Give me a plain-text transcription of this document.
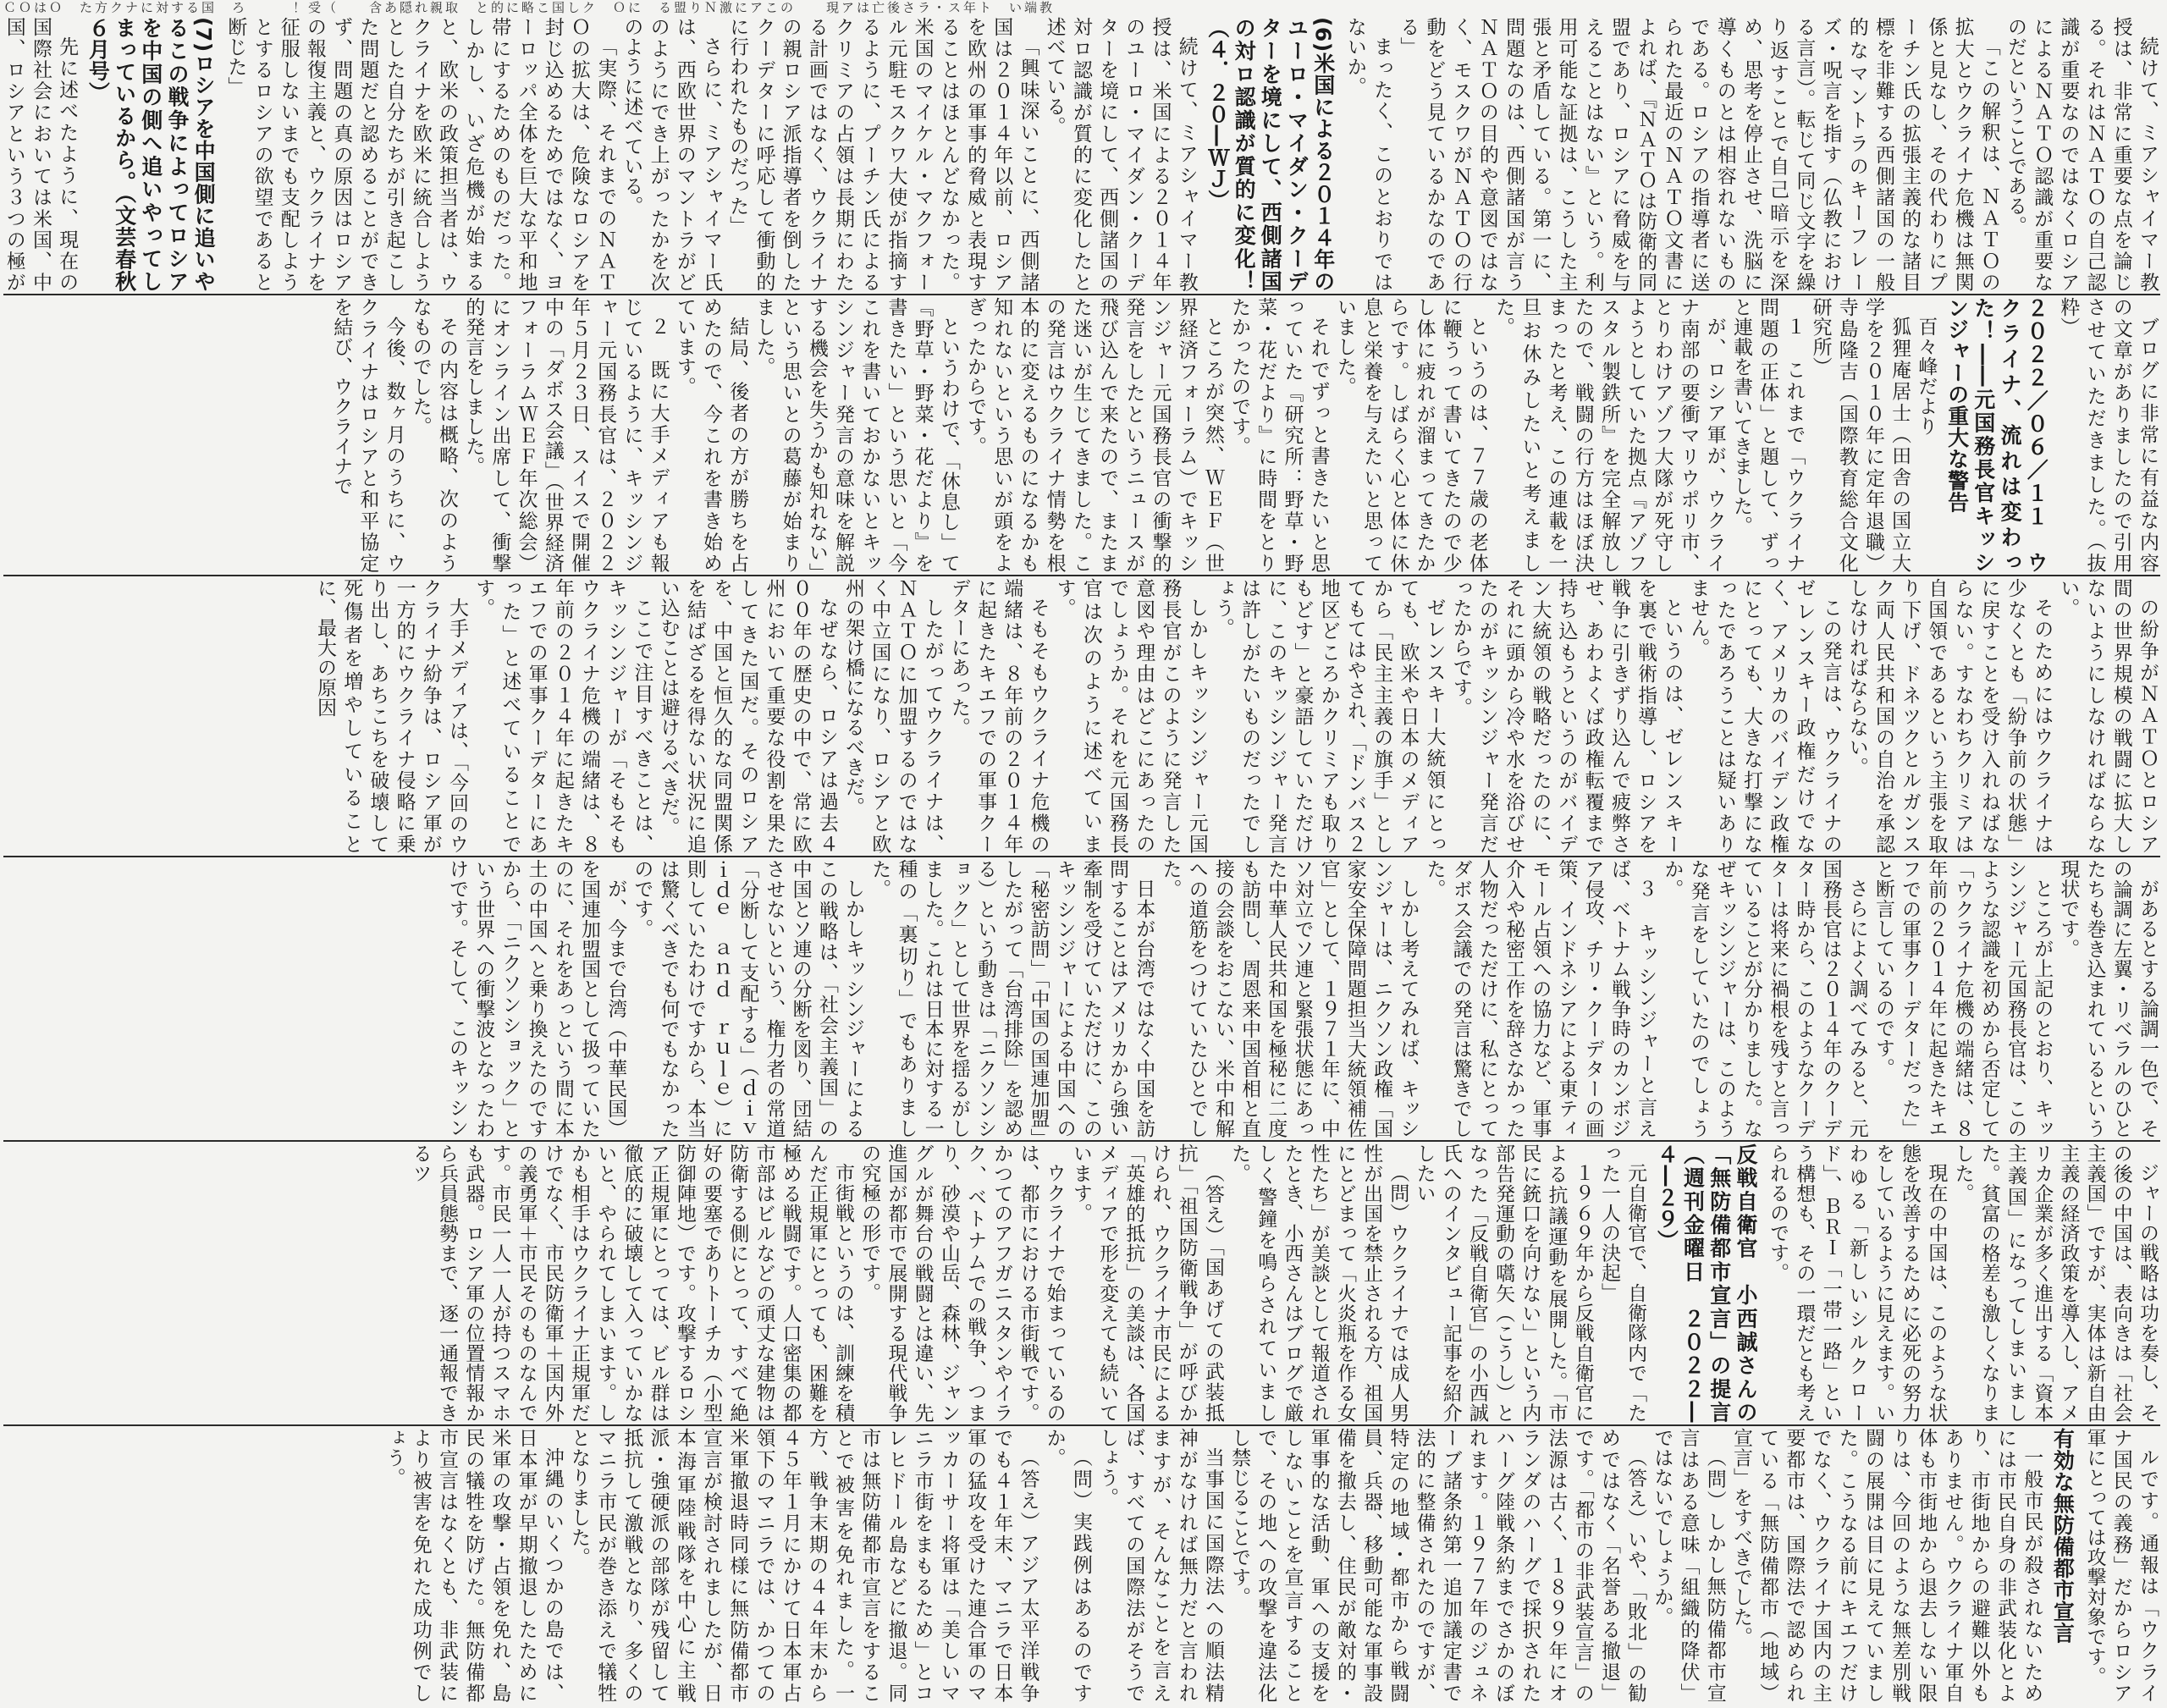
ＣＯはＯ　た方クナに対する国　ろ　　　！受（　　含あ隠れ親取　と的に略こ国しク　Ｏに　る盟りＮ激にアこの　　現アは亡後さラ・ス年ト　い端教
続けて、ミアシャイマー教授は、非常に重要な点を論じる。それはＮＡＴＯの自己認識が重要なのではなくロシアによるＮＡＴＯ認識が重要なのだということである。
「この解釈は、ＮＡＴＯの拡大とウクライナ危機は無関係と見なし、その代わりにプーチン氏の拡張主義的な諸目標を非難する西側諸国の一般的なマントラのキーフレーズ・呪言を指す（仏教における言言）。転じて同じ文字を繰り返すことで自己暗示を深め、思考を停止させ、洗脳に導くものとは相容れないものである。ロシアの指導者に送られた最近のＮＡＴＯ文書によれば、『ＮＡＴＯは防衛的同盟であり、ロシアに脅威を与えることはない』という。利用可能な証拠は、こうした主張と矛盾している。第一に、問題なのは、西側諸国が言うＮＡＴＯの目的や意図ではなく、モスクワがＮＡＴＯの行動をどう見ているかなのである」
まったく、このとおりではないか。
(6)米国による２０１４年のユーロ・マイダン・クーデターを境にして、西側諸国の対ロ認識が質的に変化！（４．２０―ＷＪ）
続けて、ミアシャイマー教授は、米国による２０１４年のユーロ・マイダン・クーデターを境にして、西側諸国の対ロ認識が質的に変化したと述べている。
「興味深いことに、西側諸国は２０１４年以前、ロシアを欧州の軍事的脅威と表現することはほとんどなかった。米国のマイケル・マクフォール元駐モスクワ大使が指摘するように、プーチン氏によるクリミアの占領は長期にわたる計画ではなく、ウクライナの親ロシア派指導者を倒したクーデターに呼応して衝動的に行われたものだった」
さらに、ミアシャイマー氏は、西欧世界のマントラがどのようにでき上がったかを次のように述べている。
「実際、それまでのＮＡＴＯの拡大は、危険なロシアを封じ込めるためではなく、ヨーロッパ全体を巨大な平和地帯にするためのものだった。しかし、いざ危機が始まると、欧米の政策担当者は、ウクライナを欧米に統合しようとした自分たちが引き起こした問題だと認めることができず、問題の真の原因はロシアの報復主義と、ウクライナを征服しないまでも支配しようとするロシアの欲望であると断じた」
(7)ロシアを中国側に追いやるこの戦争によってロシアを中国の側へ追いやってしまっているから。（文芸春秋６月号）
先に述べたように、現在の国際社会においては米国、中国、ロシアという３つの極が
ブログに非常に有益な内容の文章がありましたので引用させていただきました。（抜粋）
２０２２／０６／１１　ウクライナ、流れは変わった！――元国務長官キッシンジャーの重大な警告
百々峰だより
狐狸庵居士（田舎の国立大学を２０１０年に定年退職）寺島隆吉（国際教育総合文化研究所）
１　これまで「ウクライナ問題の正体」と題して、ずっと連載を書いてきました。
が、ロシア軍が、ウクライナ南部の要衝マリウポリ市、とりわけアゾフ大隊が死守しようとしていた拠点『アゾフスタル製鉄所』を完全解放したので、戦闘の行方はほぼ決まったと考え、この連載を一旦お休みしたいと考えました。
というのは、７７歳の老体に鞭うって書いてきたので少し体に疲れが溜まってきたからです。しばらく心と体に休息と栄養を与えたいと思っていました。
それでずっと書きたいと思っていた『研究所：野草・野菜・花だより』に時間をとりたかったのです。
ところが突然、ＷＥＦ（世界経済フォーラム）でキッシンジャー元国務長官の衝撃的発言をしたというニュースが飛び込んで来たので、またまた迷いが生じてきました。この発言はウクライナ情勢を根本的に変えるものになるかも知れないという思いが頭をよぎったからです。
というわけで、「休息し」て『野草・野菜・花だより』を書きたい」という思いと「今これを書いておかないとキッシンジャー発言の意味を解説する機会を失うかも知れない」という思いとの葛藤が始まりました。
結局、後者の方が勝ちを占めたので、今これを書き始めています。
２　既に大手メディアも報じているように、キッシンジャー元国務長官は、２０２２年５月２３日、スイスで開催中の「ダボス会議」（世界経済フォーラムＷＥＦ年次総会）にオンライン出席して、衝撃的発言をしました。
その内容は概略、次のようなものでした。
今後、数ヶ月のうちに、ウクライナはロシアと和平協定を結び、ウクライナで
の紛争がＮＡＴＯとロシア間の世界規模の戦闘に拡大しないようにしなければならない。
そのためにはウクライナは少なくとも「紛争前の状態」に戻すことを受け入れねばならない。すなわちクリミアは自国領であるという主張を取り下げ、ドネツクとルガンスク両人民共和国の自治を承認しなければならない。
この発言は、ウクライナのゼレンスキー政権だけでなく、アメリカのバイデン政権にとっても、大きな打撃になったであろうことは疑いありません。
というのは、ゼレンスキーを裏で戦術指導し、ロシアを戦争に引きずり込んで疲弊させ、あわよくば政権転覆まで持ち込もうというのがバイデン大統領の戦略だったのに、それに頭から冷や水を浴びせたのがキッシンジャー発言だったからです。
ゼレンスキー大統領にとっても、欧米や日本のメディアから「民主主義の旗手」としてもてはやされ、「ドンバス２地区どころかクリミアも取りもどす」と豪語していただけに、このキッシンジャー発言は許しがたいものだったでしょう。
しかしキッシンジャー元国務長官がこのように発言した意図や理由はどこにあったのでしょうか。それを元国務長官は次のように述べています。
そもそもウクライナ危機の端緒は、８年前の２０１４年に起きたキエフでの軍事クーデターにあった。
したがってウクライナは、ＮＡＴＯに加盟するのではなく中立国になり、ロシアと欧州の架け橋になるべきだ。
なぜなら、ロシアは過去４００年の歴史の中で、常に欧州において重要な役割を果たしてきた国だ。そのロシアを、中国と恒久的な同盟関係を結ばざるを得ない状況に追い込むことは避けるべきだ。
ここで注目すべきことは、キッシンジャーが「そもそもウクライナ危機の端緒は、８年前の２０１４年に起きたキエフでの軍事クーデターにあった」と述べていることです。
大手メディアは、「今回のウクライナ紛争は、ロシア軍が一方的にウクライナ侵略に乗り出し、あちこちを破壊して死傷者を増やしていることに、最大の原因
があるとする論調一色で、その論調に左翼・リベラルのひとたちも巻き込まれているという現状です。
ところが上記のとおり、キッシンジャー元国務長官は、このような認識を初めから否定して「ウクライナ危機の端緒は、８年前の２０１４年に起きたキエフでの軍事クーデターだった」と断言しているのです。
さらによく調べてみると、元国務長官は２０１４年のクーデター時から、このようなクーデターは将来に禍根を残すと言っていることが分かりました。なぜキッシンジャーは、このような発言をしていたのでしょうか。
３　キッシンジャーと言えば、ベトナム戦争時のカンボジア侵攻、チリ・クーデターの画策、インドネシアによる東ティモール占領への協力など、軍事介入や秘密工作を辞さなかった人物だっただけに、私にとってダボス会議での発言は驚きでした。
しかし考えてみれば、キッシンジャーは、ニクソン政権「国家安全保障問題担当大統領補佐官」として、１９７１年に、中ソ対立でソ連と緊張状態にあった中華人民共和国を極秘に二度も訪問し、周恩来中国首相と直接の会談をおこない、米中和解への道筋をつけていたひとでした。
日本が台湾ではなく中国を訪問することはアメリカから強い牽制を受けていただけに、このキッシンジャーによる中国への「秘密訪問」「中国の国連加盟」したがって「台湾排除」を認める）という動きは「ニクソンショック」として世界を揺るがしました。これは日本に対する一種の「裏切り」でもありました。
しかしキッシンジャーによるこの戦略は、「社会主義国」の中国とソ連の分断を図り、団結させないという、権力者の常道「分断して支配する」（ｄｉｖｉｄｅ　ａｎｄ　ｒｕｌｅ）に則していたわけですから、本当は驚くべきでも何でもなかったのです。
が、今まで台湾（中華民国）を国連加盟国として扱っていたのに、それをあっという間に本土の中国へと乗り換えたのですから、「ニクソンショック」という世界への衝撃波となったわけです。そして、このキッシン
ジャーの戦略は功を奏し、その後の中国は、表向きは「社会主義国」ですが、実体は新自由主義の経済政策を導入し、アメリカ企業が多く進出する「資本主義国」になってしまいました。貧富の格差も激しくなりました。
現在の中国は、このような状態を改善するために必死の努力をしているように見えます。いわゆる「新しいシルクロード」、ＢＲＩ「一帯一路」という構想も、その一環だとも考えられるのです。
反戦自衛官　小西誠さんの「無防備都市宣言」の提言（週刊金曜日　２０２２―４―２９）
元自衛官で、自衛隊内で「たった一人の決起」
１９６９年から反戦自衛官による抗議運動を展開した。「市民に銃口を向けない」という内部告発運動の嚆矢（こうし）となった「反戦自衛官」の小西誠氏へのインタビュー記事を紹介したい
（問）ウクライナでは成人男性が出国を禁止される方、祖国にとどまって「火炎瓶を作る女性たち」が美談として報道されたとき、小西さんはブログで厳しく警鐘を鳴らされていました。
（答え）「国あげての武装抵抗」「祖国防衛戦争」が呼びかけられ、ウクライナ市民による「英雄的抵抗」の美談は、各国メディアで形を変えても続いています。
ウクライナで始まっているのは、都市における市街戦です。かつてのアフガニスタンやイラク、ベトナムでの戦争、つまり、砂漠や山岳、森林、ジャングルが舞台の戦闘とは違い、先進国が都市で展開する現代戦争の究極の形です。
市街戦というのは、訓練を積んだ正規軍にとっても、困難を極める戦闘です。人口密集の都市部はビルなどの頑丈な建物は防衛する側にとって、すべて絶好の要塞でありトーチカ（小型防御陣地）です。攻撃するロシア正規軍にとっては、ビル群は徹底的に破壊して入っていかないと、やられてしまいます。しかも相手はウクライナ正規軍だけでなく、市民防衛軍＋国内外の義勇軍＋市民そのものなんです。市民一人一人が持つスマホも武器。ロシア軍の位置情報から兵員態勢まで、逐一通報できるツ
ルです。通報は「ウクライナ国民の義務」だからロシア軍にとっては攻撃対象です。
有効な無防備都市宣言
一般市民が殺されないためには市民自身の非武装化とより、市街地からの避難以外もありません。ウクライナ軍自体も市街地から退去しない限りは、今回のような無差別戦闘の展開は目に見えていました。こうなる前にキエフだけでなく、ウクライナ国内の主要都市は、国際法で認められている「無防備都市（地域）宣言」をすべきでした。
（問）しかし無防備都市宣言はある意味「組織的降伏」ではないでしょうか。
（答え）いや、「敗北」の勧めではなく「名誉ある撤退」です。「都市の非武装宣言」の法源は古く、１８９９年にオランダのハーグで採択されたハーグ陸戦条約までさかのぼれます。１９７７年のジュネーブ諸条約第一追加議定書で法的に整備されたのですが、特定の地域・都市から戦闘員、兵器、移動可能な軍事設備を撤去し、住民が敵対的・軍事的な活動、軍への支援をしないことを宣言することで、その地への攻撃を違法化し禁じることです。
当事国に国際法への順法精神がなければ無力だと言われますが、そんなことを言えば、すべての国際法がそうでしょう。
（問）実践例はあるのですか。
（答え）アジア太平洋戦争でも４１年末、マニラで日本軍の猛攻を受けた連合軍のマッカーサー将軍は「美しいマニラ市街をまもるため」とコレヒドール島などに撤退。同市は無防備都市宣言をすることで被害を免れました。一方、戦争末期の４４年末から４５年１月にかけて日本軍占領下のマニラでは、かつての米軍撤退時同様に無防備都市宣言が検討されましたが、日本海軍陸戦隊を中心に主戦派・強硬派の部隊が残留して抵抗して激戦となり、多くのマニラ市民が巻き添えで犠牲となりました。
沖縄のいくつかの島では、日本軍が早期撤退したために米軍の攻撃・占領を免れ、島民の犠牲を防げた。無防備都市宣言はなくとも、非武装により被害を免れた成功例でしょう。
